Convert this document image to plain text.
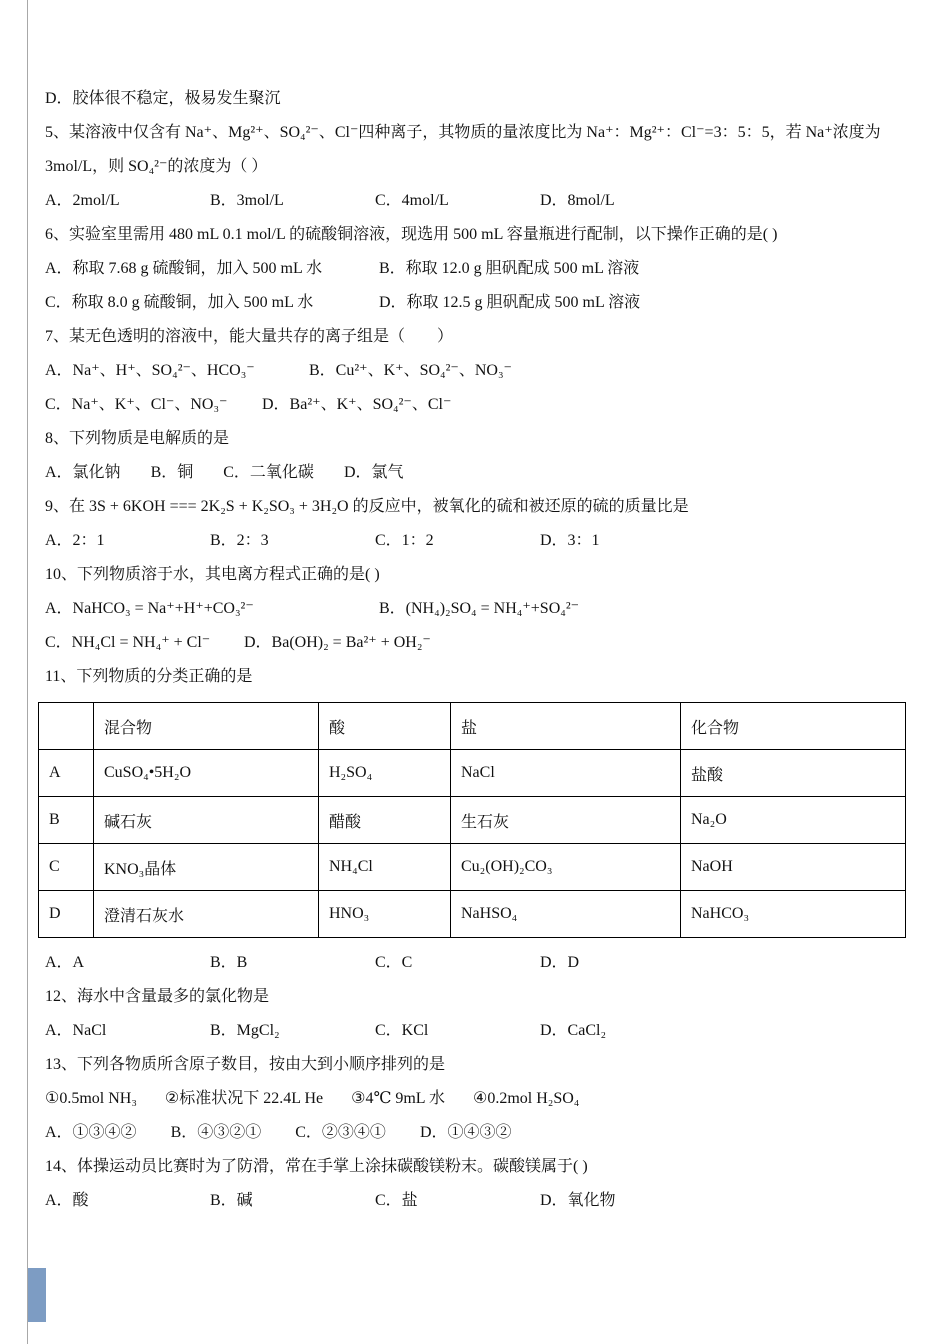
D．胶体很不稳定，极易发生聚沉
5、某溶液中仅含有 Na⁺、Mg²⁺、SO₄²⁻、Cl⁻四种离子，其物质的量浓度比为 Na⁺：Mg²⁺：Cl⁻=3：5：5，若 Na⁺浓度为
3mol/L，则 SO₄²⁻的浓度为（ ）
A．2mol/L	B．3mol/L	C．4mol/L	D．8mol/L
6、实验室里需用 480 mL 0.1 mol/L 的硫酸铜溶液，现选用 500 mL 容量瓶进行配制，以下操作正确的是( )
A．称取 7.68 g 硫酸铜，加入 500 mL 水	B．称取 12.0 g 胆矾配成 500 mL 溶液
C．称取 8.0 g 硫酸铜，加入 500 mL 水	D．称取 12.5 g 胆矾配成 500 mL 溶液
7、某无色透明的溶液中，能大量共存的离子组是（　　）
A．Na⁺、H⁺、SO₄²⁻、HCO₃⁻	B．Cu²⁺、K⁺、SO₄²⁻、NO₃⁻
C．Na⁺、K⁺、Cl⁻、NO₃⁻ D．Ba²⁺、K⁺、SO₄²⁻、Cl⁻
8、下列物质是电解质的是
A．氯化钠 B．铜 C．二氧化碳 D．氯气
9、在 3S + 6KOH === 2K₂S + K₂SO₃ + 3H₂O 的反应中，被氧化的硫和被还原的硫的质量比是
A．2：1	B．2：3	C．1：2	D．3：1
10、下列物质溶于水，其电离方程式正确的是( )
A．NaHCO₃ = Na⁺+H⁺+CO₃²⁻	B．(NH₄)₂SO₄ = NH₄⁺+SO₄²⁻
C．NH₄Cl = NH₄⁺ + Cl⁻ D．Ba(OH)₂ = Ba²⁺ + OH₂⁻
11、下列物质的分类正确的是
	混合物	酸	盐	化合物
A	CuSO₄•5H₂O	H₂SO₄	NaCl	盐酸
B	碱石灰	醋酸	生石灰	Na₂O
C	KNO₃晶体	NH₄Cl	Cu₂(OH)₂CO₃	NaOH
D	澄清石灰水	HNO₃	NaHSO₄	NaHCO₃
A．A	B．B	C．C	D．D
12、海水中含量最多的氯化物是
A．NaCl	B．MgCl₂	C．KCl	D．CaCl₂
13、下列各物质所含原子数目，按由大到小顺序排列的是
①0.5mol NH₃ ②标准状况下 22.4L He ③4℃ 9mL 水 ④0.2mol H₂SO₄
A．①③④② B．④③②① C．②③④① D．①④③②
14、体操运动员比赛时为了防滑，常在手掌上涂抹碳酸镁粉末。碳酸镁属于( )
A．酸	B．碱	C．盐	D．氧化物
